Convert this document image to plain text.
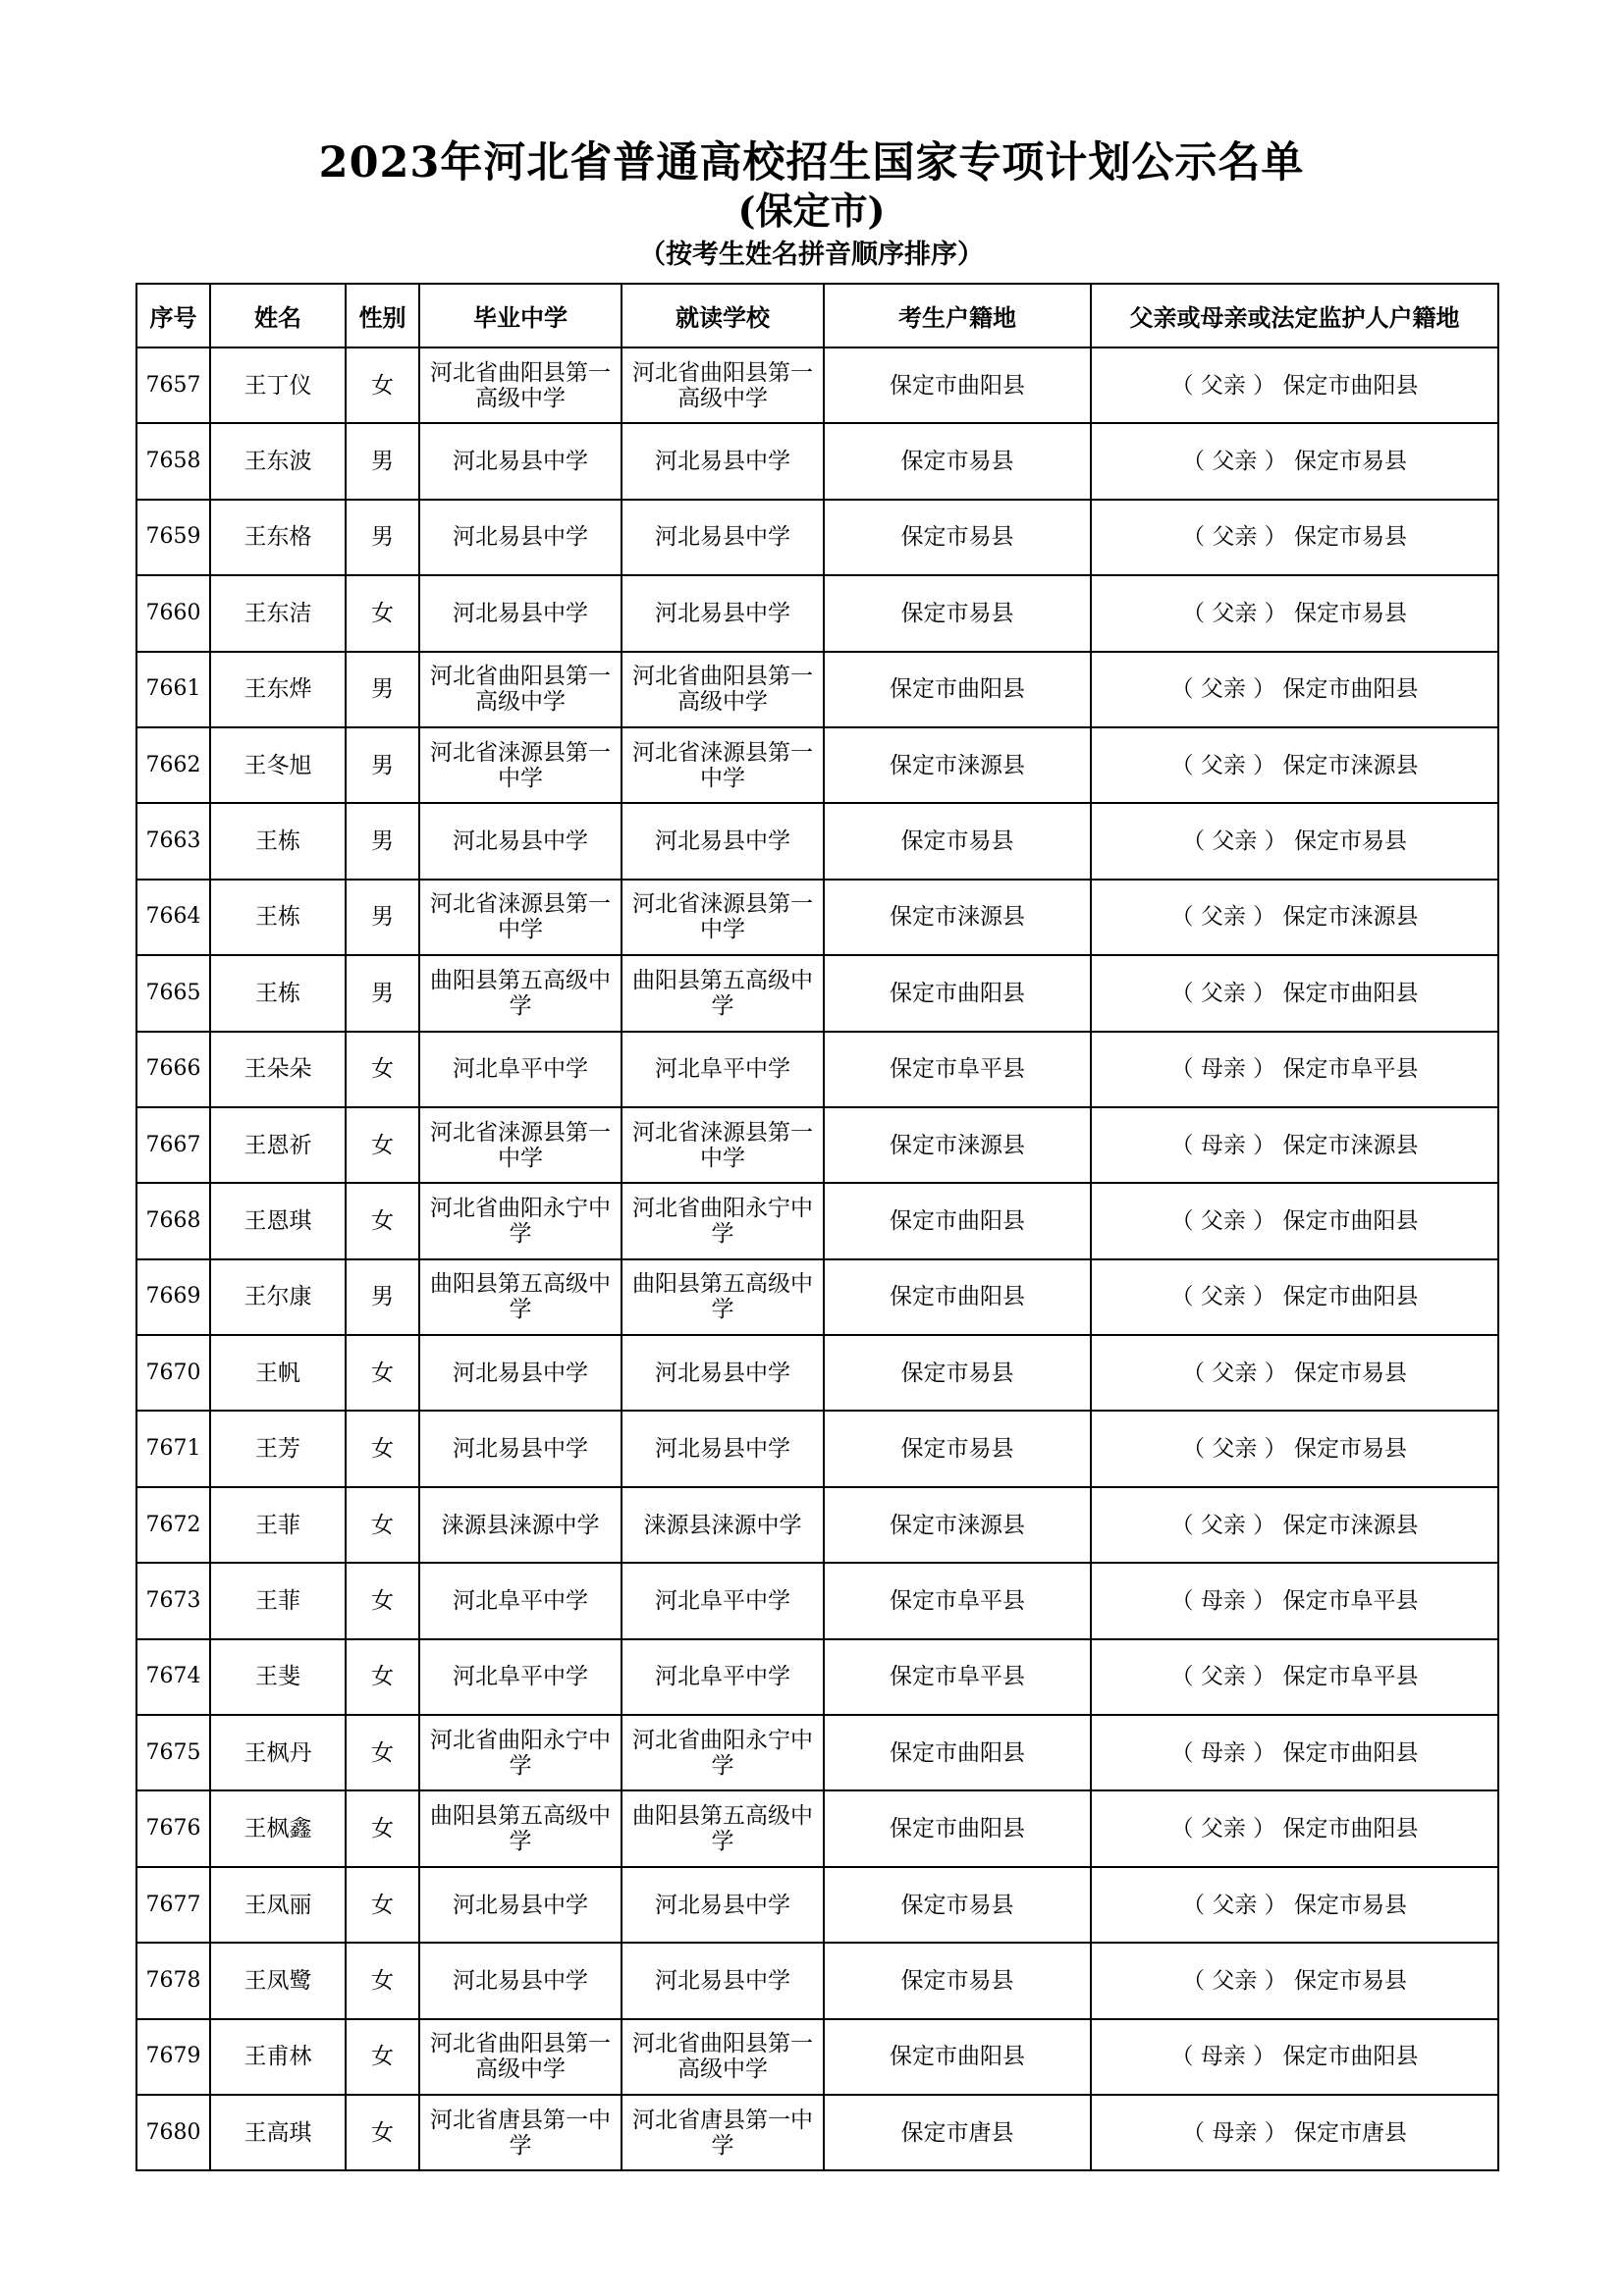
2023年河北省普通高校招生国家专项计划公示名单
(保定市)
（按考生姓名拼音顺序排序）
序号	姓名	性别	毕业中学	就读学校	考生户籍地	父亲或母亲或法定监护人户籍地
7657	王丁仪	女	河北省曲阳县第一高级中学	河北省曲阳县第一高级中学	保定市曲阳县	（ 父亲 ） 保定市曲阳县
7658	王东波	男	河北易县中学	河北易县中学	保定市易县	（ 父亲 ） 保定市易县
7659	王东格	男	河北易县中学	河北易县中学	保定市易县	（ 父亲 ） 保定市易县
7660	王东洁	女	河北易县中学	河北易县中学	保定市易县	（ 父亲 ） 保定市易县
7661	王东烨	男	河北省曲阳县第一高级中学	河北省曲阳县第一高级中学	保定市曲阳县	（ 父亲 ） 保定市曲阳县
7662	王冬旭	男	河北省涞源县第一中学	河北省涞源县第一中学	保定市涞源县	（ 父亲 ） 保定市涞源县
7663	王栋	男	河北易县中学	河北易县中学	保定市易县	（ 父亲 ） 保定市易县
7664	王栋	男	河北省涞源县第一中学	河北省涞源县第一中学	保定市涞源县	（ 父亲 ） 保定市涞源县
7665	王栋	男	曲阳县第五高级中学	曲阳县第五高级中学	保定市曲阳县	（ 父亲 ） 保定市曲阳县
7666	王朵朵	女	河北阜平中学	河北阜平中学	保定市阜平县	（ 母亲 ） 保定市阜平县
7667	王恩祈	女	河北省涞源县第一中学	河北省涞源县第一中学	保定市涞源县	（ 母亲 ） 保定市涞源县
7668	王恩琪	女	河北省曲阳永宁中学	河北省曲阳永宁中学	保定市曲阳县	（ 父亲 ） 保定市曲阳县
7669	王尔康	男	曲阳县第五高级中学	曲阳县第五高级中学	保定市曲阳县	（ 父亲 ） 保定市曲阳县
7670	王帆	女	河北易县中学	河北易县中学	保定市易县	（ 父亲 ） 保定市易县
7671	王芳	女	河北易县中学	河北易县中学	保定市易县	（ 父亲 ） 保定市易县
7672	王菲	女	涞源县涞源中学	涞源县涞源中学	保定市涞源县	（ 父亲 ） 保定市涞源县
7673	王菲	女	河北阜平中学	河北阜平中学	保定市阜平县	（ 母亲 ） 保定市阜平县
7674	王斐	女	河北阜平中学	河北阜平中学	保定市阜平县	（ 父亲 ） 保定市阜平县
7675	王枫丹	女	河北省曲阳永宁中学	河北省曲阳永宁中学	保定市曲阳县	（ 母亲 ） 保定市曲阳县
7676	王枫鑫	女	曲阳县第五高级中学	曲阳县第五高级中学	保定市曲阳县	（ 父亲 ） 保定市曲阳县
7677	王凤丽	女	河北易县中学	河北易县中学	保定市易县	（ 父亲 ） 保定市易县
7678	王凤鹭	女	河北易县中学	河北易县中学	保定市易县	（ 父亲 ） 保定市易县
7679	王甫林	女	河北省曲阳县第一高级中学	河北省曲阳县第一高级中学	保定市曲阳县	（ 母亲 ） 保定市曲阳县
7680	王高琪	女	河北省唐县第一中学	河北省唐县第一中学	保定市唐县	（ 母亲 ） 保定市唐县
